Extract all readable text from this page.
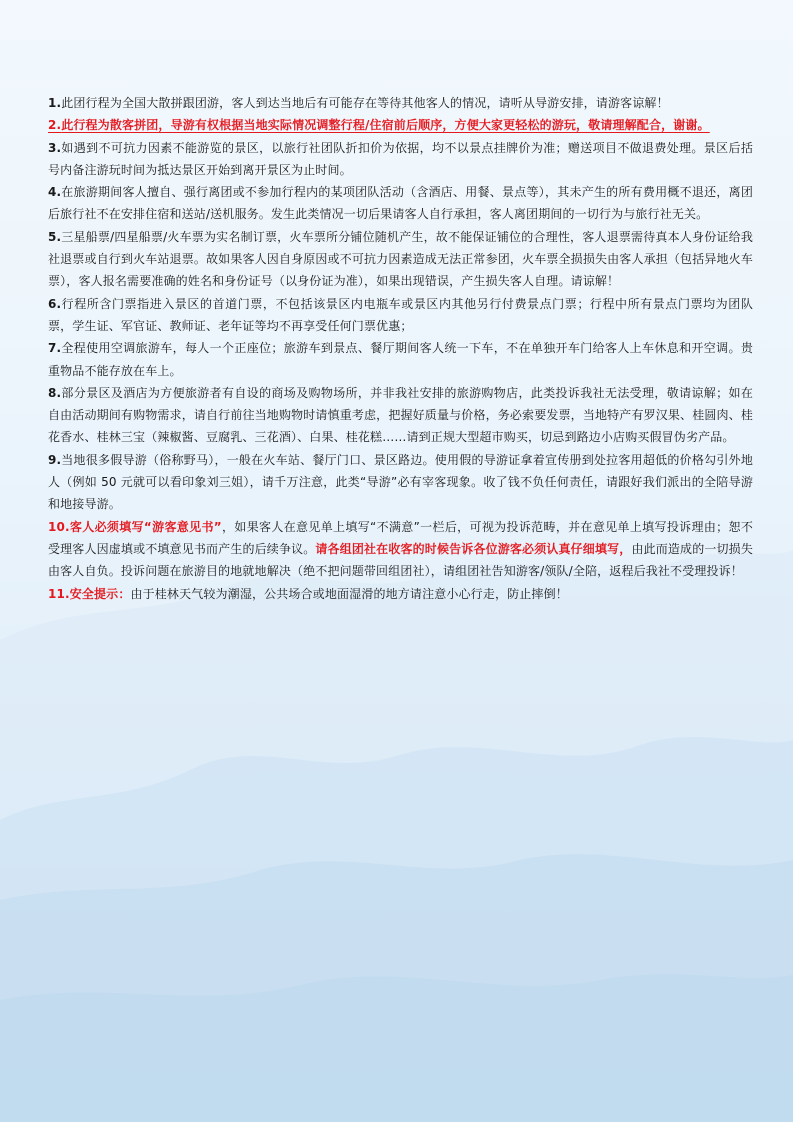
1.此团行程为全国大散拼跟团游，客人到达当地后有可能存在等待其他客人的情况，请听从导游安排，请游客谅解！

2.此行程为散客拼团，导游有权根据当地实际情况调整行程/住宿前后顺序，方便大家更轻松的游玩，敬请理解配合，谢谢。

3.如遇到不可抗力因素不能游览的景区，以旅行社团队折扣价为依据，均不以景点挂牌价为准；赠送项目不做退费处理。景区后括号内备注游玩时间为抵达景区开始到离开景区为止时间。

4.在旅游期间客人擅自、强行离团或不参加行程内的某项团队活动（含酒店、用餐、景点等），其未产生的所有费用概不退还，离团后旅行社不在安排住宿和送站/送机服务。发生此类情况一切后果请客人自行承担，客人离团期间的一切行为与旅行社无关。

5.三星船票/四星船票/火车票为实名制订票，火车票所分铺位随机产生，故不能保证铺位的合理性，客人退票需待真本人身份证给我社退票或自行到火车站退票。故如果客人因自身原因或不可抗力因素造成无法正常参团，火车票全损损失由客人承担（包括异地火车票），客人报名需要准确的姓名和身份证号（以身份证为准），如果出现错误，产生损失客人自理。请谅解！

6.行程所含门票指进入景区的首道门票，不包括该景区内电瓶车或景区内其他另行付费景点门票；行程中所有景点门票均为团队票，学生证、军官证、教师证、老年证等均不再享受任何门票优惠；

7.全程使用空调旅游车，每人一个正座位；旅游车到景点、餐厅期间客人统一下车，不在单独开车门给客人上车休息和开空调。贵重物品不能存放在车上。

8.部分景区及酒店为方便旅游者有自设的商场及购物场所，并非我社安排的旅游购物店，此类投诉我社无法受理，敬请谅解；如在自由活动期间有购物需求，请自行前往当地购物时请慎重考虑，把握好质量与价格，务必索要发票，当地特产有罗汉果、桂圆肉、桂花香水、桂林三宝（辣椒酱、豆腐乳、三花酒）、白果、桂花糕……请到正规大型超市购买，切忌到路边小店购买假冒伪劣产品。

9.当地很多假导游（俗称野马），一般在火车站、餐厅门口、景区路边。使用假的导游证拿着宣传册到处拉客用超低的价格勾引外地人（例如 50 元就可以看印象刘三姐），请千万注意，此类“导游”必有宰客现象。收了钱不负任何责任，请跟好我们派出的全陪导游和地接导游。

10.客人必须填写“游客意见书”，如果客人在意见单上填写“不满意”一栏后，可视为投诉范畴，并在意见单上填写投诉理由；恕不受理客人因虚填或不填意见书而产生的后续争议。请各组团社在收客的时候告诉各位游客必须认真仔细填写，由此而造成的一切损失由客人自负。投诉问题在旅游目的地就地解决（绝不把问题带回组团社），请组团社告知游客/领队/全陪，返程后我社不受理投诉！

11.安全提示：由于桂林天气较为潮湿，公共场合或地面湿滑的地方请注意小心行走，防止摔倒！
